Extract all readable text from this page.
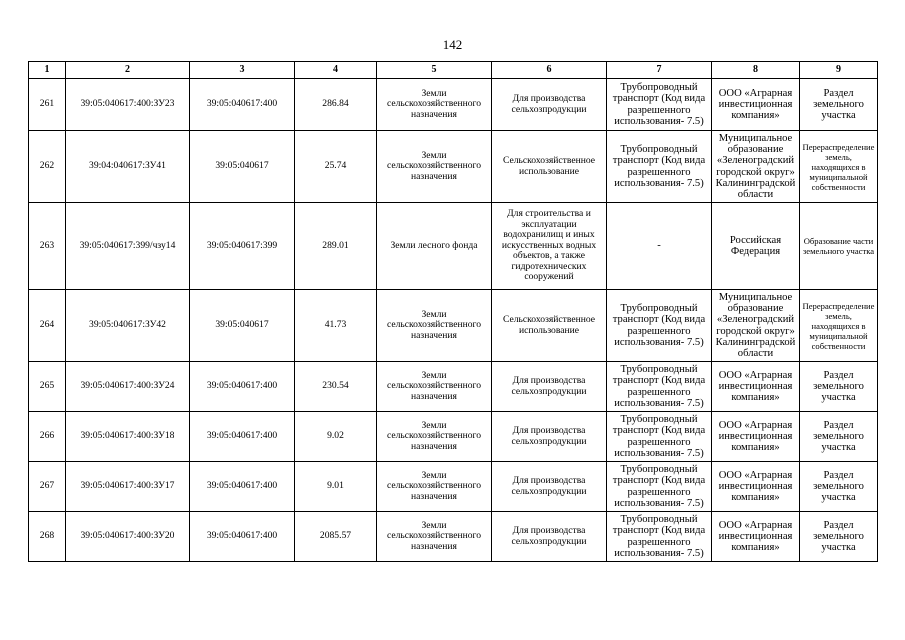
142
1	2	3	4	5	6	7	8	9
261	39:05:040617:400:ЗУ23	39:05:040617:400	286.84	Земли сельскохозяйственного назначения	Для производства сельхозпродукции	Трубопроводный транспорт (Код вида разрешенного использования- 7.5)	ООО «Аграрная инвестиционная компания»	Раздел земельного участка
262	39:04:040617:ЗУ41	39:05:040617	25.74	Земли сельскохозяйственного назначения	Сельскохозяйственное использование	Трубопроводный транспорт (Код вида разрешенного использования- 7.5)	Муниципальное образование «Зеленоградский городской округ» Калининградской области	Перераспределение земель, находящихся в муниципальной собственности
263	39:05:040617:399/чзу14	39:05:040617:399	289.01	Земли лесного фонда	Для строительства и эксплуатации водохранилищ и иных искусственных водных объектов, а также гидротехнических сооружений	-	Российская Федерация	Образование части земельного участка
264	39:05:040617:ЗУ42	39:05:040617	41.73	Земли сельскохозяйственного назначения	Сельскохозяйственное использование	Трубопроводный транспорт (Код вида разрешенного использования- 7.5)	Муниципальное образование «Зеленоградский городской округ» Калининградской области	Перераспределение земель, находящихся в муниципальной собственности
265	39:05:040617:400:ЗУ24	39:05:040617:400	230.54	Земли сельскохозяйственного назначения	Для производства сельхозпродукции	Трубопроводный транспорт (Код вида разрешенного использования- 7.5)	ООО «Аграрная инвестиционная компания»	Раздел земельного участка
266	39:05:040617:400:ЗУ18	39:05:040617:400	9.02	Земли сельскохозяйственного назначения	Для производства сельхозпродукции	Трубопроводный транспорт (Код вида разрешенного использования- 7.5)	ООО «Аграрная инвестиционная компания»	Раздел земельного участка
267	39:05:040617:400:ЗУ17	39:05:040617:400	9.01	Земли сельскохозяйственного назначения	Для производства сельхозпродукции	Трубопроводный транспорт (Код вида разрешенного использования- 7.5)	ООО «Аграрная инвестиционная компания»	Раздел земельного участка
268	39:05:040617:400:ЗУ20	39:05:040617:400	2085.57	Земли сельскохозяйственного назначения	Для производства сельхозпродукции	Трубопроводный транспорт (Код вида разрешенного использования- 7.5)	ООО «Аграрная инвестиционная компания»	Раздел земельного участка
